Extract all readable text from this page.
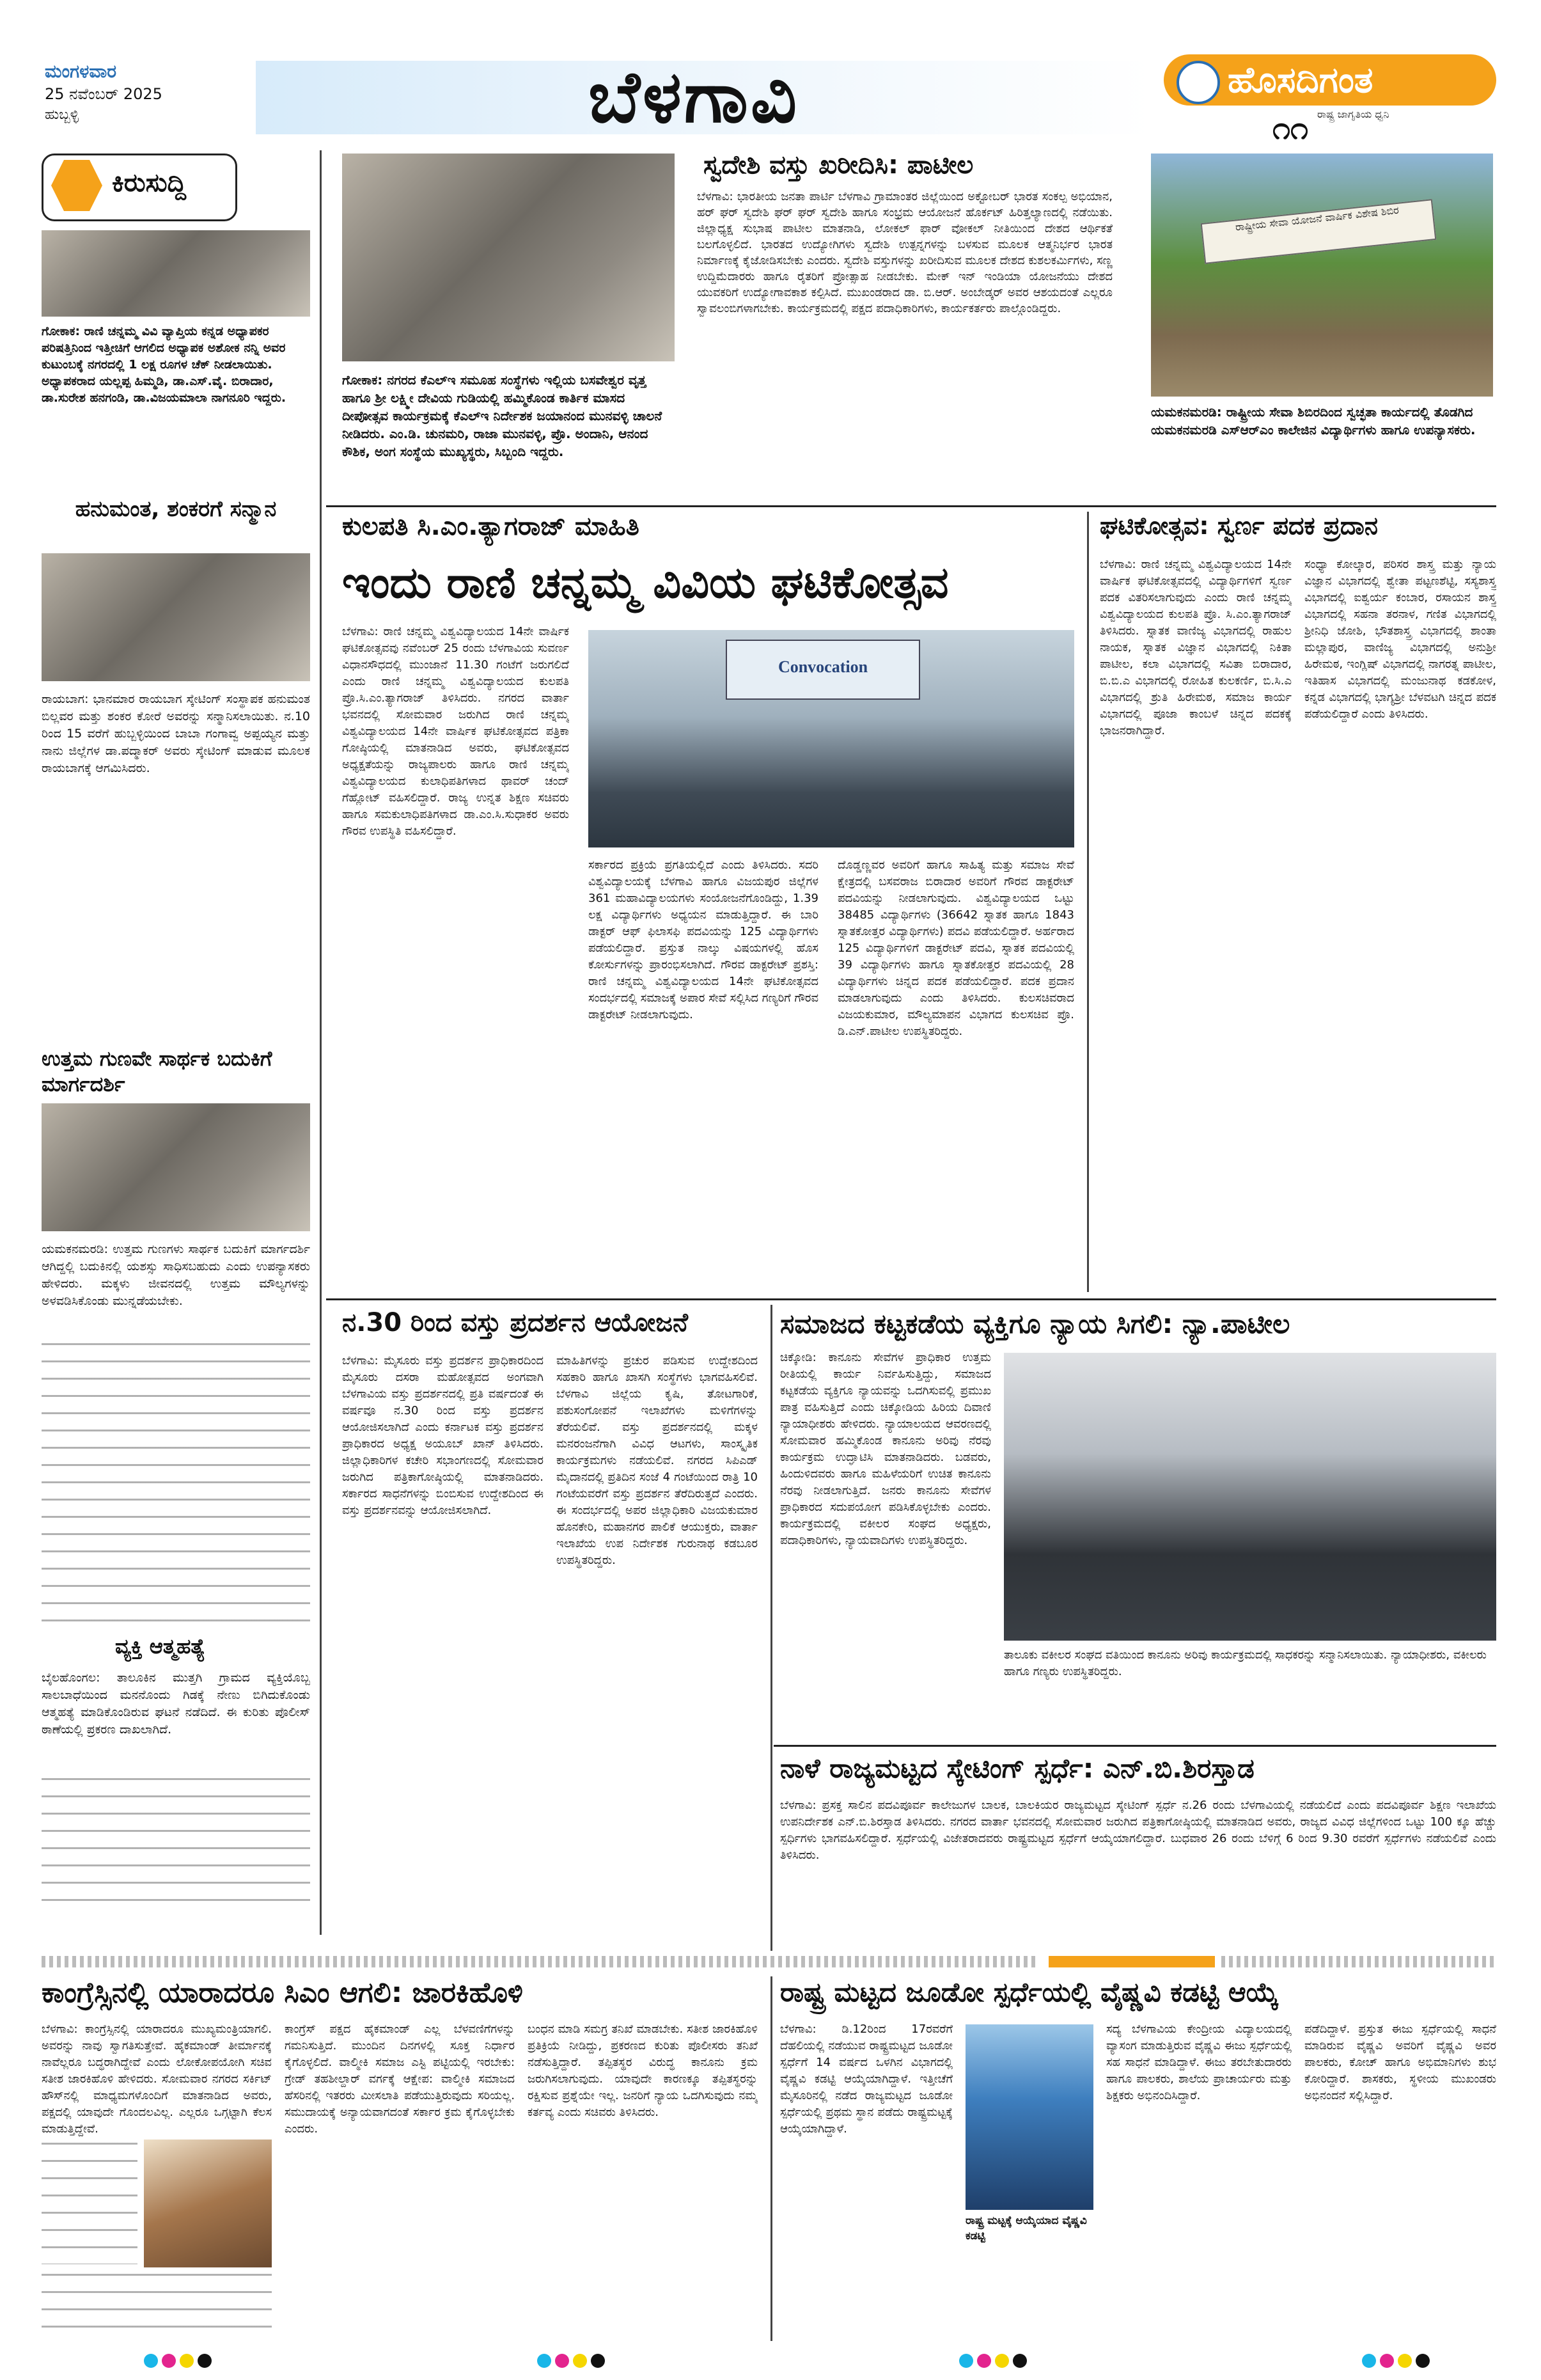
ಮಂಗಳವಾರ
25 ನವೆಂಬರ್ 2025
ಹುಬ್ಬಳ್ಳಿ	ಬೆಳಗಾವಿ	ಹೊಸದಿಗಂತ
ರಾಷ್ಟ್ರ ಜಾಗೃತಿಯ ಧ್ವನಿ
೧೧
ಕಿರುಸುದ್ದಿ
ಗೋಕಾಕ: ರಾಣಿ ಚನ್ನಮ್ಮ ವಿವಿ ವ್ಯಾಪ್ತಿಯ ಕನ್ನಡ ಅಧ್ಯಾಪಕರ ಪರಿಷತ್ತಿನಿಂದ ಇತ್ತೀಚಿಗೆ ಆಗಲಿದ ಅಧ್ಯಾಪಕ ಅಶೋಕ ನನ್ನಿ ಅವರ ಕುಟುಂಬಕ್ಕೆ ನಗರದಲ್ಲಿ 1 ಲಕ್ಷ ರೂಗಳ ಚೆಕ್ ನೀಡಲಾಯಿತು. ಅಧ್ಯಾಪಕರಾದ ಯಲ್ಲಪ್ಪ ಹಿಮ್ಮಡಿ, ಡಾ.ಎಸ್.ವೈ. ಬಿರಾದಾರ, ಡಾ.ಸುರೇಶ ಹನಗಂಡಿ, ಡಾ.ವಿಜಯಮಾಲಾ ನಾಗನೂರಿ ಇದ್ದರು.
ಹನುಮಂತ, ಶಂಕರಗೆ ಸನ್ಮಾನ
ರಾಯಬಾಗ: ಭಾನಮಾರ ರಾಯಬಾಗ ಸ್ಕೇಟಿಂಗ್ ಸಂಸ್ಥಾಪಕ ಹನುಮಂತ ಬಿಲ್ಲವರ ಮತ್ತು ಶಂಕರ ಕೋರೆ ಅವರನ್ನು ಸನ್ಮಾನಿಸಲಾಯಿತು. ನ.10 ರಿಂದ 15 ವರೆಗೆ ಹುಬ್ಬಳ್ಳಿಯಿಂದ ಬಾಬಾ ಗಂಗಾವ್ವ ಅಪ್ಪಯ್ಯನ ಮತ್ತು ನಾನು ಜಿಲ್ಲೆಗಳ ಡಾ.ಪದ್ಮಾಕರ್ ಅವರು ಸ್ಕೇಟಿಂಗ್ ಮಾಡುವ ಮೂಲಕ ರಾಯಬಾಗಕ್ಕೆ ಆಗಮಿಸಿದರು.
ಉತ್ತಮ ಗುಣವೇ ಸಾರ್ಥಕ ಬದುಕಿಗೆ ಮಾರ್ಗದರ್ಶಿ
ಯಮಕನಮರಡಿ: ಉತ್ತಮ ಗುಣಗಳು ಸಾರ್ಥಕ ಬದುಕಿಗೆ ಮಾರ್ಗದರ್ಶಿ ಆಗಿದ್ದಲ್ಲಿ ಬದುಕಿನಲ್ಲಿ ಯಶಸ್ಸು ಸಾಧಿಸಬಹುದು ಎಂದು ಉಪನ್ಯಾಸಕರು ಹೇಳಿದರು. ಮಕ್ಕಳು ಜೀವನದಲ್ಲಿ ಉತ್ತಮ ಮೌಲ್ಯಗಳನ್ನು ಅಳವಡಿಸಿಕೊಂಡು ಮುನ್ನಡೆಯಬೇಕು.
ವ್ಯಕ್ತಿ ಆತ್ಮಹತ್ಯೆ
ಬೈಲಹೊಂಗಲ: ತಾಲೂಕಿನ ಮುತ್ತಗಿ ಗ್ರಾಮದ ವ್ಯಕ್ತಿಯೊಬ್ಬ ಸಾಲಬಾಧೆಯಿಂದ ಮನನೊಂದು ಗಿಡಕ್ಕೆ ನೇಣು ಬಿಗಿದುಕೊಂಡು ಆತ್ಮಹತ್ಯೆ ಮಾಡಿಕೊಂಡಿರುವ ಘಟನೆ ನಡೆದಿದೆ. ಈ ಕುರಿತು ಪೊಲೀಸ್ ಠಾಣೆಯಲ್ಲಿ ಪ್ರಕರಣ ದಾಖಲಾಗಿದೆ.
ಗೋಕಾಕ: ನಗರದ ಕೆಎಲ್ಇ ಸಮೂಹ ಸಂಸ್ಥೆಗಳು ಇಲ್ಲಿಯ ಬಸವೇಶ್ವರ ವೃತ್ತ ಹಾಗೂ ಶ್ರೀ ಲಕ್ಷ್ಮೀ ದೇವಿಯ ಗುಡಿಯಲ್ಲಿ ಹಮ್ಮಿಕೊಂಡ ಕಾರ್ತಿಕ ಮಾಸದ ದೀಪೋತ್ಸವ ಕಾರ್ಯಕ್ರಮಕ್ಕೆ ಕೆಎಲ್ಇ ನಿರ್ದೇಶಕ ಜಯಾನಂದ ಮುನವಳ್ಳಿ ಚಾಲನೆ ನೀಡಿದರು. ಎಂ.ಡಿ. ಚುನಮರಿ, ರಾಜಾ ಮುನವಳ್ಳಿ, ಪ್ರೊ. ಅಂದಾನಿ, ಆನಂದ ಕೌಶಿಕ, ಅಂಗ ಸಂಸ್ಥೆಯ ಮುಖ್ಯಸ್ಥರು, ಸಿಬ್ಬಂದಿ ಇದ್ದರು.
ಸ್ವದೇಶಿ ವಸ್ತು ಖರೀದಿಸಿ: ಪಾಟೀಲ
ಬೆಳಗಾವಿ: ಭಾರತೀಯ ಜನತಾ ಪಾರ್ಟಿ ಬೆಳಗಾವಿ ಗ್ರಾಮಾಂತರ ಜಿಲ್ಲೆಯಿಂದ ಅಕ್ಟೋಬರ್ ಭಾರತ ಸಂಕಲ್ಪ ಅಭಿಯಾನ, ಹರ್ ಘರ್ ಸ್ವದೇಶಿ ಘರ್ ಘರ್ ಸ್ವದೇಶಿ ಹಾಗೂ ಸಂಭ್ರಮ ಆಯೋಜನೆ ಹೊರ್ಕಟ್ ಹಿರಿತ್ತಲ್ಯಾಣದಲ್ಲಿ ನಡೆಯಿತು. ಜಿಲ್ಲಾಧ್ಯಕ್ಷ ಸುಭಾಷ ಪಾಟೀಲ ಮಾತನಾಡಿ, ಲೋಕಲ್ ಫಾರ್ ವೋಕಲ್ ನೀತಿಯಿಂದ ದೇಶದ ಆರ್ಥಿಕತೆ ಬಲಗೊಳ್ಳಲಿದೆ. ಭಾರತದ ಉದ್ಯೋಗಿಗಳು ಸ್ವದೇಶಿ ಉತ್ಪನ್ನಗಳನ್ನು ಬಳಸುವ ಮೂಲಕ ಆತ್ಮನಿರ್ಭರ ಭಾರತ ನಿರ್ಮಾಣಕ್ಕೆ ಕೈಜೋಡಿಸಬೇಕು ಎಂದರು. ಸ್ವದೇಶಿ ವಸ್ತುಗಳನ್ನು ಖರೀದಿಸುವ ಮೂಲಕ ದೇಶದ ಕುಶಲಕರ್ಮಿಗಳು, ಸಣ್ಣ ಉದ್ದಿಮೆದಾರರು ಹಾಗೂ ರೈತರಿಗೆ ಪ್ರೋತ್ಸಾಹ ನೀಡಬೇಕು. ಮೇಕ್ ಇನ್ ಇಂಡಿಯಾ ಯೋಜನೆಯು ದೇಶದ ಯುವಕರಿಗೆ ಉದ್ಯೋಗಾವಕಾಶ ಕಲ್ಪಿಸಿದೆ. ಮುಖಂಡರಾದ ಡಾ. ಬಿ.ಆರ್. ಅಂಬೇಡ್ಕರ್ ಅವರ ಆಶಯದಂತೆ ಎಲ್ಲರೂ ಸ್ವಾವಲಂಬಿಗಳಾಗಬೇಕು. ಕಾರ್ಯಕ್ರಮದಲ್ಲಿ ಪಕ್ಷದ ಪದಾಧಿಕಾರಿಗಳು, ಕಾರ್ಯಕರ್ತರು ಪಾಲ್ಗೊಂಡಿದ್ದರು.
ರಾಷ್ಟ್ರೀಯ ಸೇವಾ ಯೋಜನೆ ವಾರ್ಷಿಕ ವಿಶೇಷ ಶಿಬಿರ
ಯಮಕನಮರಡಿ: ರಾಷ್ಟ್ರೀಯ ಸೇವಾ ಶಿಬಿರದಿಂದ ಸ್ವಚ್ಛತಾ ಕಾರ್ಯದಲ್ಲಿ ತೊಡಗಿದ ಯಮಕನಮರಡಿ ಎಸ್‌ಆರ್‌ಎಂ ಕಾಲೇಜಿನ ವಿದ್ಯಾರ್ಥಿಗಳು ಹಾಗೂ ಉಪನ್ಯಾಸಕರು.
ಕುಲಪತಿ ಸಿ.ಎಂ.ತ್ಯಾಗರಾಜ್ ಮಾಹಿತಿ
ಇಂದು ರಾಣಿ ಚನ್ನಮ್ಮ ವಿವಿಯ ಘಟಿಕೋತ್ಸವ
ಬೆಳಗಾವಿ: ರಾಣಿ ಚನ್ನಮ್ಮ ವಿಶ್ವವಿದ್ಯಾಲಯದ 14ನೇ ವಾರ್ಷಿಕ ಘಟಿಕೋತ್ಸವವು ನವೆಂಬರ್ 25 ರಂದು ಬೆಳಗಾವಿಯ ಸುವರ್ಣ ವಿಧಾನಸೌಧದಲ್ಲಿ ಮುಂಜಾನೆ 11.30 ಗಂಟೆಗೆ ಜರುಗಲಿದೆ ಎಂದು ರಾಣಿ ಚನ್ನಮ್ಮ ವಿಶ್ವವಿದ್ಯಾಲಯದ ಕುಲಪತಿ ಪ್ರೊ.ಸಿ.ಎಂ.ತ್ಯಾಗರಾಜ್ ತಿಳಿಸಿದರು. ನಗರದ ವಾರ್ತಾ ಭವನದಲ್ಲಿ ಸೋಮವಾರ ಜರುಗಿದ ರಾಣಿ ಚನ್ನಮ್ಮ ವಿಶ್ವವಿದ್ಯಾಲಯದ 14ನೇ ವಾರ್ಷಿಕ ಘಟಿಕೋತ್ಸವದ ಪತ್ರಿಕಾ ಗೋಷ್ಠಿಯಲ್ಲಿ ಮಾತನಾಡಿದ ಅವರು, ಘಟಿಕೋತ್ಸವದ ಅಧ್ಯಕ್ಷತೆಯನ್ನು ರಾಜ್ಯಪಾಲರು ಹಾಗೂ ರಾಣಿ ಚನ್ನಮ್ಮ ವಿಶ್ವವಿದ್ಯಾಲಯದ ಕುಲಾಧಿಪತಿಗಳಾದ ಥಾವರ್ ಚಂದ್ ಗೆಹ್ಲೋಟ್ ವಹಿಸಲಿದ್ದಾರೆ. ರಾಜ್ಯ ಉನ್ನತ ಶಿಕ್ಷಣ ಸಚಿವರು ಹಾಗೂ ಸಮಕುಲಾಧಿಪತಿಗಳಾದ ಡಾ.ಎಂ.ಸಿ.ಸುಧಾಕರ ಅವರು ಗೌರವ ಉಪಸ್ಥಿತಿ ವಹಿಸಲಿದ್ದಾರೆ.
Convocation
ಸರ್ಕಾರದ ಪ್ರಕ್ರಿಯೆ ಪ್ರಗತಿಯಲ್ಲಿದೆ ಎಂದು ತಿಳಿಸಿದರು. ಸದರಿ ವಿಶ್ವವಿದ್ಯಾಲಯಕ್ಕೆ ಬೆಳಗಾವಿ ಹಾಗೂ ವಿಜಯಪುರ ಜಿಲ್ಲೆಗಳ 361 ಮಹಾವಿದ್ಯಾಲಯಗಳು ಸಂಯೋಜನೆಗೊಂಡಿದ್ದು, 1.39 ಲಕ್ಷ ವಿದ್ಯಾರ್ಥಿಗಳು ಅಧ್ಯಯನ ಮಾಡುತ್ತಿದ್ದಾರೆ. ಈ ಬಾರಿ ಡಾಕ್ಟರ್ ಆಫ್ ಫಿಲಾಸಫಿ ಪದವಿಯನ್ನು 125 ವಿದ್ಯಾರ್ಥಿಗಳು ಪಡೆಯಲಿದ್ದಾರೆ. ಪ್ರಸ್ತುತ ನಾಲ್ಕು ವಿಷಯಗಳಲ್ಲಿ ಹೊಸ ಕೋರ್ಸುಗಳನ್ನು ಪ್ರಾರಂಭಿಸಲಾಗಿದೆ. ಗೌರವ ಡಾಕ್ಟರೇಟ್ ಪ್ರಶಸ್ತಿ: ರಾಣಿ ಚನ್ನಮ್ಮ ವಿಶ್ವವಿದ್ಯಾಲಯದ 14ನೇ ಘಟಿಕೋತ್ಸವದ ಸಂದರ್ಭದಲ್ಲಿ ಸಮಾಜಕ್ಕೆ ಅಪಾರ ಸೇವೆ ಸಲ್ಲಿಸಿದ ಗಣ್ಯರಿಗೆ ಗೌರವ ಡಾಕ್ಟರೇಟ್ ನೀಡಲಾಗುವುದು.
ದೊಡ್ಡಣ್ಣವರ ಅವರಿಗೆ ಹಾಗೂ ಸಾಹಿತ್ಯ ಮತ್ತು ಸಮಾಜ ಸೇವೆ ಕ್ಷೇತ್ರದಲ್ಲಿ ಬಸವರಾಜ ಬಿರಾದಾರ ಅವರಿಗೆ ಗೌರವ ಡಾಕ್ಟರೇಟ್ ಪದವಿಯನ್ನು ನೀಡಲಾಗುವುದು. ವಿಶ್ವವಿದ್ಯಾಲಯದ ಒಟ್ಟು 38485 ವಿದ್ಯಾರ್ಥಿಗಳು (36642 ಸ್ನಾತಕ ಹಾಗೂ 1843 ಸ್ನಾತಕೋತ್ತರ ವಿದ್ಯಾರ್ಥಿಗಳು) ಪದವಿ ಪಡೆಯಲಿದ್ದಾರೆ. ಅರ್ಹರಾದ 125 ವಿದ್ಯಾರ್ಥಿಗಳಿಗೆ ಡಾಕ್ಟರೇಟ್ ಪದವಿ, ಸ್ನಾತಕ ಪದವಿಯಲ್ಲಿ 39 ವಿದ್ಯಾರ್ಥಿಗಳು ಹಾಗೂ ಸ್ನಾತಕೋತ್ತರ ಪದವಿಯಲ್ಲಿ 28 ವಿದ್ಯಾರ್ಥಿಗಳು ಚಿನ್ನದ ಪದಕ ಪಡೆಯಲಿದ್ದಾರೆ. ಪದಕ ಪ್ರದಾನ ಮಾಡಲಾಗುವುದು ಎಂದು ತಿಳಿಸಿದರು. ಕುಲಸಚಿವರಾದ ವಿಜಯಕುಮಾರ, ಮೌಲ್ಯಮಾಪನ ವಿಭಾಗದ ಕುಲಸಚಿವ ಪ್ರೊ. ಡಿ.ಎನ್.ಪಾಟೀಲ ಉಪಸ್ಥಿತರಿದ್ದರು.
ಘಟಿಕೋತ್ಸವ: ಸ್ವರ್ಣ ಪದಕ ಪ್ರದಾನ
ಬೆಳಗಾವಿ: ರಾಣಿ ಚನ್ನಮ್ಮ ವಿಶ್ವವಿದ್ಯಾಲಯದ 14ನೇ ವಾರ್ಷಿಕ ಘಟಿಕೋತ್ಸವದಲ್ಲಿ ವಿದ್ಯಾರ್ಥಿಗಳಿಗೆ ಸ್ವರ್ಣ ಪದಕ ವಿತರಿಸಲಾಗುವುದು ಎಂದು ರಾಣಿ ಚನ್ನಮ್ಮ ವಿಶ್ವವಿದ್ಯಾಲಯದ ಕುಲಪತಿ ಪ್ರೊ. ಸಿ.ಎಂ.ತ್ಯಾಗರಾಜ್ ತಿಳಿಸಿದರು. ಸ್ನಾತಕ ವಾಣಿಜ್ಯ ವಿಭಾಗದಲ್ಲಿ ರಾಹುಲ ನಾಯಕ, ಸ್ನಾತಕ ವಿಜ್ಞಾನ ವಿಭಾಗದಲ್ಲಿ ನಿಕಿತಾ ಪಾಟೀಲ, ಕಲಾ ವಿಭಾಗದಲ್ಲಿ ಸವಿತಾ ಬಿರಾದಾರ, ಬಿ.ಬಿ.ಎ ವಿಭಾಗದಲ್ಲಿ ರೋಹಿತ ಕುಲಕರ್ಣಿ, ಬಿ.ಸಿ.ಎ ವಿಭಾಗದಲ್ಲಿ ಶ್ರುತಿ ಹಿರೇಮಠ, ಸಮಾಜ ಕಾರ್ಯ ವಿಭಾಗದಲ್ಲಿ ಪೂಜಾ ಕಾಂಬಳೆ ಚಿನ್ನದ ಪದಕಕ್ಕೆ ಭಾಜನರಾಗಿದ್ದಾರೆ.
ಸಂಧ್ಯಾ ಕೋಲ್ಕಾರ, ಪರಿಸರ ಶಾಸ್ತ್ರ ಮತ್ತು ನ್ಯಾಯ ವಿಜ್ಞಾನ ವಿಭಾಗದಲ್ಲಿ ಶ್ವೇತಾ ಪಟ್ಟಣಶೆಟ್ಟಿ, ಸಸ್ಯಶಾಸ್ತ್ರ ವಿಭಾಗದಲ್ಲಿ ಐಶ್ವರ್ಯ ಕಂಬಾರ, ರಸಾಯನ ಶಾಸ್ತ್ರ ವಿಭಾಗದಲ್ಲಿ ಸಹನಾ ತರನಾಳ, ಗಣಿತ ವಿಭಾಗದಲ್ಲಿ ಶ್ರೀನಿಧಿ ಜೋಶಿ, ಭೌತಶಾಸ್ತ್ರ ವಿಭಾಗದಲ್ಲಿ ಶಾಂತಾ ಮಲ್ಲಾಪುರ, ವಾಣಿಜ್ಯ ವಿಭಾಗದಲ್ಲಿ ಅನುಶ್ರೀ ಹಿರೇಮಠ, ಇಂಗ್ಲಿಷ್ ವಿಭಾಗದಲ್ಲಿ ನಾಗರತ್ನ ಪಾಟೀಲ, ಇತಿಹಾಸ ವಿಭಾಗದಲ್ಲಿ ಮಂಜುನಾಥ ಕಡಕೋಳ, ಕನ್ನಡ ವಿಭಾಗದಲ್ಲಿ ಭಾಗ್ಯಶ್ರೀ ಬೆಳವಟಗಿ ಚಿನ್ನದ ಪದಕ ಪಡೆಯಲಿದ್ದಾರೆ ಎಂದು ತಿಳಿಸಿದರು.
ನ.30 ರಿಂದ ವಸ್ತು ಪ್ರದರ್ಶನ ಆಯೋಜನೆ
ಬೆಳಗಾವಿ: ಮೈಸೂರು ವಸ್ತು ಪ್ರದರ್ಶನ ಪ್ರಾಧಿಕಾರದಿಂದ ಮೈಸೂರು ದಸರಾ ಮಹೋತ್ಸವದ ಅಂಗವಾಗಿ ಬೆಳಗಾವಿಯ ವಸ್ತು ಪ್ರದರ್ಶನದಲ್ಲಿ ಪ್ರತಿ ವರ್ಷದಂತೆ ಈ ವರ್ಷವೂ ನ.30 ರಿಂದ ವಸ್ತು ಪ್ರದರ್ಶನ ಆಯೋಜಿಸಲಾಗಿದೆ ಎಂದು ಕರ್ನಾಟಕ ವಸ್ತು ಪ್ರದರ್ಶನ ಪ್ರಾಧಿಕಾರದ ಅಧ್ಯಕ್ಷ ಅಯೂಬ್ ಖಾನ್ ತಿಳಿಸಿದರು. ಜಿಲ್ಲಾಧಿಕಾರಿಗಳ ಕಚೇರಿ ಸಭಾಂಗಣದಲ್ಲಿ ಸೋಮವಾರ ಜರುಗಿದ ಪತ್ರಿಕಾಗೋಷ್ಠಿಯಲ್ಲಿ ಮಾತನಾಡಿದರು. ಸರ್ಕಾರದ ಸಾಧನೆಗಳನ್ನು ಬಿಂಬಿಸುವ ಉದ್ದೇಶದಿಂದ ಈ ವಸ್ತು ಪ್ರದರ್ಶನವನ್ನು ಆಯೋಜಿಸಲಾಗಿದೆ.
ಮಾಹಿತಿಗಳನ್ನು ಪ್ರಚುರ ಪಡಿಸುವ ಉದ್ದೇಶದಿಂದ ಸಹಕಾರಿ ಹಾಗೂ ಖಾಸಗಿ ಸಂಸ್ಥೆಗಳು ಭಾಗವಹಿಸಲಿವೆ. ಬೆಳಗಾವಿ ಜಿಲ್ಲೆಯ ಕೃಷಿ, ತೋಟಗಾರಿಕೆ, ಪಶುಸಂಗೋಪನೆ ಇಲಾಖೆಗಳು ಮಳಿಗೆಗಳನ್ನು ತೆರೆಯಲಿವೆ. ವಸ್ತು ಪ್ರದರ್ಶನದಲ್ಲಿ ಮಕ್ಕಳ ಮನರಂಜನೆಗಾಗಿ ವಿವಿಧ ಆಟಗಳು, ಸಾಂಸ್ಕೃತಿಕ ಕಾರ್ಯಕ್ರಮಗಳು ನಡೆಯಲಿವೆ. ನಗರದ ಸಿಪಿಎಡ್ ಮೈದಾನದಲ್ಲಿ ಪ್ರತಿದಿನ ಸಂಜೆ 4 ಗಂಟೆಯಿಂದ ರಾತ್ರಿ 10 ಗಂಟೆಯವರೆಗೆ ವಸ್ತು ಪ್ರದರ್ಶನ ತೆರೆದಿರುತ್ತದೆ ಎಂದರು. ಈ ಸಂದರ್ಭದಲ್ಲಿ ಅಪರ ಜಿಲ್ಲಾಧಿಕಾರಿ ವಿಜಯಕುಮಾರ ಹೊನಕೇರಿ, ಮಹಾನಗರ ಪಾಲಿಕೆ ಆಯುಕ್ತರು, ವಾರ್ತಾ ಇಲಾಖೆಯ ಉಪ ನಿರ್ದೇಶಕ ಗುರುನಾಥ ಕಡಬೂರ ಉಪಸ್ಥಿತರಿದ್ದರು.
ಸಮಾಜದ ಕಟ್ಟಕಡೆಯ ವ್ಯಕ್ತಿಗೂ ನ್ಯಾಯ ಸಿಗಲಿ: ನ್ಯಾ.ಪಾಟೀಲ
ಚಿಕ್ಕೋಡಿ: ಕಾನೂನು ಸೇವೆಗಳ ಪ್ರಾಧಿಕಾರ ಉತ್ತಮ ರೀತಿಯಲ್ಲಿ ಕಾರ್ಯ ನಿರ್ವಹಿಸುತ್ತಿದ್ದು, ಸಮಾಜದ ಕಟ್ಟಕಡೆಯ ವ್ಯಕ್ತಿಗೂ ನ್ಯಾಯವನ್ನು ಒದಗಿಸುವಲ್ಲಿ ಪ್ರಮುಖ ಪಾತ್ರ ವಹಿಸುತ್ತಿದೆ ಎಂದು ಚಿಕ್ಕೋಡಿಯ ಹಿರಿಯ ದಿವಾಣಿ ನ್ಯಾಯಾಧೀಶರು ಹೇಳಿದರು. ನ್ಯಾಯಾಲಯದ ಆವರಣದಲ್ಲಿ ಸೋಮವಾರ ಹಮ್ಮಿಕೊಂಡ ಕಾನೂನು ಅರಿವು ನೆರವು ಕಾರ್ಯಕ್ರಮ ಉದ್ಘಾಟಿಸಿ ಮಾತನಾಡಿದರು. ಬಡವರು, ಹಿಂದುಳಿದವರು ಹಾಗೂ ಮಹಿಳೆಯರಿಗೆ ಉಚಿತ ಕಾನೂನು ನೆರವು ನೀಡಲಾಗುತ್ತಿದೆ. ಜನರು ಕಾನೂನು ಸೇವೆಗಳ ಪ್ರಾಧಿಕಾರದ ಸದುಪಯೋಗ ಪಡಿಸಿಕೊಳ್ಳಬೇಕು ಎಂದರು. ಕಾರ್ಯಕ್ರಮದಲ್ಲಿ ವಕೀಲರ ಸಂಘದ ಅಧ್ಯಕ್ಷರು, ಪದಾಧಿಕಾರಿಗಳು, ನ್ಯಾಯವಾದಿಗಳು ಉಪಸ್ಥಿತರಿದ್ದರು.
ತಾಲೂಕು ವಕೀಲರ ಸಂಘದ ವತಿಯಿಂದ ಕಾನೂನು ಅರಿವು ಕಾರ್ಯಕ್ರಮದಲ್ಲಿ ಸಾಧಕರನ್ನು ಸನ್ಮಾನಿಸಲಾಯಿತು. ನ್ಯಾಯಾಧೀಶರು, ವಕೀಲರು ಹಾಗೂ ಗಣ್ಯರು ಉಪಸ್ಥಿತರಿದ್ದರು.
ನಾಳೆ ರಾಜ್ಯಮಟ್ಟದ ಸ್ಕೇಟಿಂಗ್ ಸ್ಪರ್ಧೆ: ಎನ್.ಬಿ.ಶಿರಸ್ತಾಡ
ಬೆಳಗಾವಿ: ಪ್ರಸಕ್ತ ಸಾಲಿನ ಪದವಿಪೂರ್ವ ಕಾಲೇಜುಗಳ ಬಾಲಕ, ಬಾಲಕಿಯರ ರಾಜ್ಯಮಟ್ಟದ ಸ್ಕೇಟಿಂಗ್ ಸ್ಪರ್ಧೆ ನ.26 ರಂದು ಬೆಳಗಾವಿಯಲ್ಲಿ ನಡೆಯಲಿದೆ ಎಂದು ಪದವಿಪೂರ್ವ ಶಿಕ್ಷಣ ಇಲಾಖೆಯ ಉಪನಿರ್ದೇಶಕ ಎನ್.ಬಿ.ಶಿರಸ್ತಾಡ ತಿಳಿಸಿದರು. ನಗರದ ವಾರ್ತಾ ಭವನದಲ್ಲಿ ಸೋಮವಾರ ಜರುಗಿದ ಪತ್ರಿಕಾಗೋಷ್ಠಿಯಲ್ಲಿ ಮಾತನಾಡಿದ ಅವರು, ರಾಜ್ಯದ ವಿವಿಧ ಜಿಲ್ಲೆಗಳಿಂದ ಒಟ್ಟು 100 ಕ್ಕೂ ಹೆಚ್ಚು ಸ್ಪರ್ಧಿಗಳು ಭಾಗವಹಿಸಲಿದ್ದಾರೆ. ಸ್ಪರ್ಧೆಯಲ್ಲಿ ವಿಜೇತರಾದವರು ರಾಷ್ಟ್ರಮಟ್ಟದ ಸ್ಪರ್ಧೆಗೆ ಆಯ್ಕೆಯಾಗಲಿದ್ದಾರೆ. ಬುಧವಾರ 26 ರಂದು ಬೆಳಿಗ್ಗೆ 6 ರಿಂದ 9.30 ರವರೆಗೆ ಸ್ಪರ್ಧೆಗಳು ನಡೆಯಲಿವೆ ಎಂದು ತಿಳಿಸಿದರು.
ಕಾಂಗ್ರೆಸ್ಸಿನಲ್ಲಿ ಯಾರಾದರೂ ಸಿಎಂ ಆಗಲಿ: ಜಾರಕಿಹೊಳಿ
ಬೆಳಗಾವಿ: ಕಾಂಗ್ರೆಸ್ಸಿನಲ್ಲಿ ಯಾರಾದರೂ ಮುಖ್ಯಮಂತ್ರಿಯಾಗಲಿ. ಅವರನ್ನು ನಾವು ಸ್ವಾಗತಿಸುತ್ತೇವೆ. ಹೈಕಮಾಂಡ್ ತೀರ್ಮಾನಕ್ಕೆ ನಾವೆಲ್ಲರೂ ಬದ್ಧರಾಗಿದ್ದೇವೆ ಎಂದು ಲೋಕೋಪಯೋಗಿ ಸಚಿವ ಸತೀಶ ಜಾರಕಿಹೊಳಿ ಹೇಳಿದರು. ಸೋಮವಾರ ನಗರದ ಸರ್ಕಿಟ್ ಹೌಸ್‌ನಲ್ಲಿ ಮಾಧ್ಯಮಗಳೊಂದಿಗೆ ಮಾತನಾಡಿದ ಅವರು, ಪಕ್ಷದಲ್ಲಿ ಯಾವುದೇ ಗೊಂದಲವಿಲ್ಲ. ಎಲ್ಲರೂ ಒಗ್ಗಟ್ಟಾಗಿ ಕೆಲಸ ಮಾಡುತ್ತಿದ್ದೇವೆ.
ಕಾಂಗ್ರೆಸ್ ಪಕ್ಷದ ಹೈಕಮಾಂಡ್ ಎಲ್ಲ ಬೆಳವಣಿಗೆಗಳನ್ನು ಗಮನಿಸುತ್ತಿದೆ. ಮುಂದಿನ ದಿನಗಳಲ್ಲಿ ಸೂಕ್ತ ನಿರ್ಧಾರ ಕೈಗೊಳ್ಳಲಿದೆ. ವಾಲ್ಮೀಕಿ ಸಮಾಜ ಎಸ್ಟಿ ಪಟ್ಟಿಯಲ್ಲಿ ಇರಬೇಕು: ಗ್ರೇಡ್ ತಹಶೀಲ್ದಾರ್ ವರ್ಗಕ್ಕೆ ಆಕ್ಷೇಪ: ವಾಲ್ಮೀಕಿ ಸಮಾಜದ ಹೆಸರಿನಲ್ಲಿ ಇತರರು ಮೀಸಲಾತಿ ಪಡೆಯುತ್ತಿರುವುದು ಸರಿಯಲ್ಲ. ಸಮುದಾಯಕ್ಕೆ ಅನ್ಯಾಯವಾಗದಂತೆ ಸರ್ಕಾರ ಕ್ರಮ ಕೈಗೊಳ್ಳಬೇಕು ಎಂದರು.
ಬಂಧನ ಮಾಡಿ ಸಮಗ್ರ ತನಿಖೆ ಮಾಡಬೇಕು. ಸತೀಶ ಜಾರಕಿಹೊಳಿ ಪ್ರತಿಕ್ರಿಯೆ ನೀಡಿದ್ದು, ಪ್ರಕರಣದ ಕುರಿತು ಪೊಲೀಸರು ತನಿಖೆ ನಡೆಸುತ್ತಿದ್ದಾರೆ. ತಪ್ಪಿತಸ್ಥರ ವಿರುದ್ಧ ಕಾನೂನು ಕ್ರಮ ಜರುಗಿಸಲಾಗುವುದು. ಯಾವುದೇ ಕಾರಣಕ್ಕೂ ತಪ್ಪಿತಸ್ಥರನ್ನು ರಕ್ಷಿಸುವ ಪ್ರಶ್ನೆಯೇ ಇಲ್ಲ. ಜನರಿಗೆ ನ್ಯಾಯ ಒದಗಿಸುವುದು ನಮ್ಮ ಕರ್ತವ್ಯ ಎಂದು ಸಚಿವರು ತಿಳಿಸಿದರು.
ರಾಷ್ಟ್ರ ಮಟ್ಟದ ಜೂಡೋ ಸ್ಪರ್ಧೆಯಲ್ಲಿ ವೈಷ್ಣವಿ ಕಡಟ್ಟಿ ಆಯ್ಕೆ
ಬೆಳಗಾವಿ: ಡಿ.12ರಿಂದ 17ರವರೆಗೆ ದೆಹಲಿಯಲ್ಲಿ ನಡೆಯುವ ರಾಷ್ಟ್ರಮಟ್ಟದ ಜೂಡೋ ಸ್ಪರ್ಧೆಗೆ 14 ವರ್ಷದ ಒಳಗಿನ ವಿಭಾಗದಲ್ಲಿ ವೈಷ್ಣವಿ ಕಡಟ್ಟಿ ಆಯ್ಕೆಯಾಗಿದ್ದಾಳೆ. ಇತ್ತೀಚೆಗೆ ಮೈಸೂರಿನಲ್ಲಿ ನಡೆದ ರಾಜ್ಯಮಟ್ಟದ ಜೂಡೋ ಸ್ಪರ್ಧೆಯಲ್ಲಿ ಪ್ರಥಮ ಸ್ಥಾನ ಪಡೆದು ರಾಷ್ಟ್ರಮಟ್ಟಕ್ಕೆ ಆಯ್ಕೆಯಾಗಿದ್ದಾಳೆ.
ರಾಷ್ಟ್ರ ಮಟ್ಟಕ್ಕೆ ಆಯ್ಕೆಯಾದ ವೈಷ್ಣವಿ ಕಡಟ್ಟಿ
ಸದ್ಯ ಬೆಳಗಾವಿಯ ಕೇಂದ್ರೀಯ ವಿದ್ಯಾಲಯದಲ್ಲಿ ವ್ಯಾಸಂಗ ಮಾಡುತ್ತಿರುವ ವೈಷ್ಣವಿ ಈಜು ಸ್ಪರ್ಧೆಯಲ್ಲಿ ಸಹ ಸಾಧನೆ ಮಾಡಿದ್ದಾಳೆ. ಈಜು ತರಬೇತುದಾರರು ಹಾಗೂ ಪಾಲಕರು, ಶಾಲೆಯ ಪ್ರಾಚಾರ್ಯರು ಮತ್ತು ಶಿಕ್ಷಕರು ಅಭಿನಂದಿಸಿದ್ದಾರೆ.
ಪಡೆದಿದ್ದಾಳೆ. ಪ್ರಸ್ತುತ ಈಜು ಸ್ಪರ್ಧೆಯಲ್ಲಿ ಸಾಧನೆ ಮಾಡಿರುವ ವೈಷ್ಣವಿ ಅವರಿಗೆ ವೈಷ್ಣವಿ ಅವರ ಪಾಲಕರು, ಕೋಚ್ ಹಾಗೂ ಅಭಿಮಾನಿಗಳು ಶುಭ ಕೋರಿದ್ದಾರೆ. ಶಾಸಕರು, ಸ್ಥಳೀಯ ಮುಖಂಡರು ಅಭಿನಂದನೆ ಸಲ್ಲಿಸಿದ್ದಾರೆ.
